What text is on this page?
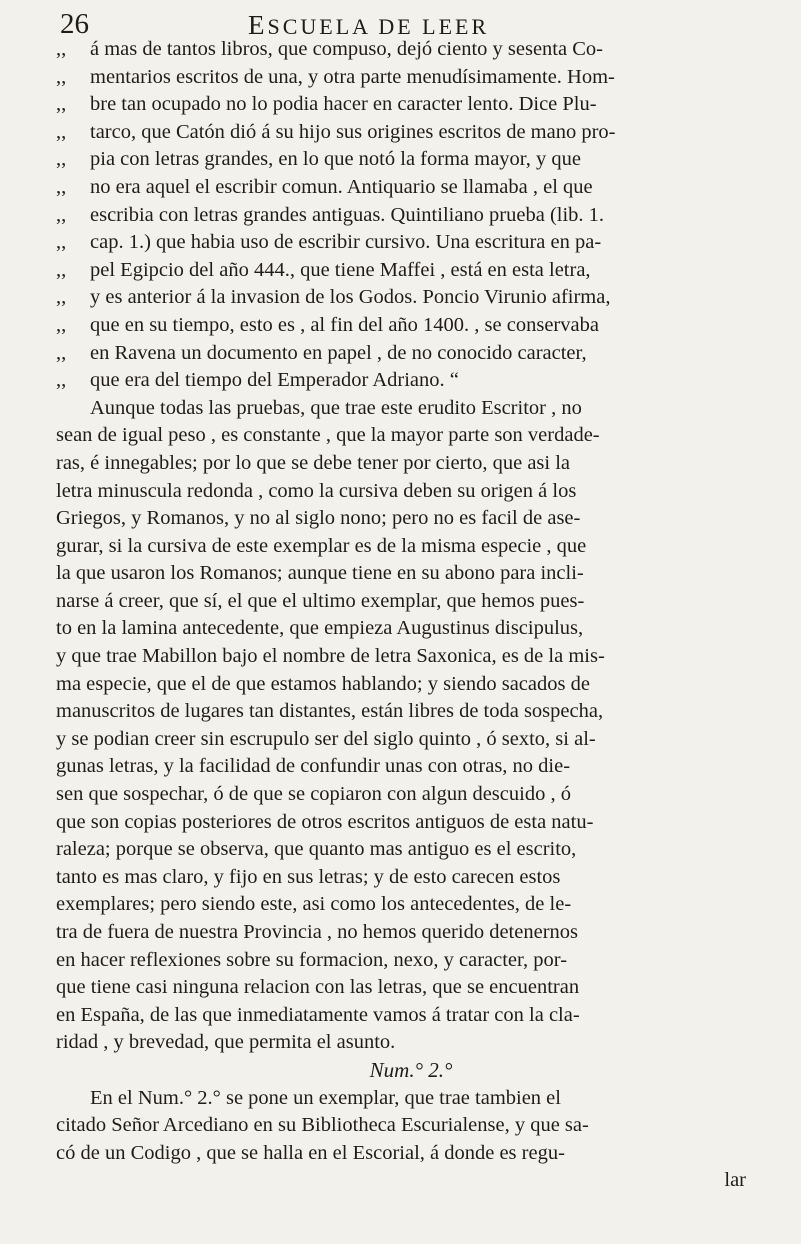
26	ESCUELA DE LEER
,, á mas de tantos libros, que compuso, dejó ciento y sesenta Co-
,, mentarios escritos de una, y otra parte menudísimamente. Hom-
,, bre tan ocupado no lo podia hacer en caracter lento. Dice Plu-
,, tarco, que Catón dió á su hijo sus origines escritos de mano pro-
,, pia con letras grandes, en lo que notó la forma mayor, y que
,, no era aquel el escribir comun. Antiquario se llamaba , el que
,, escribia con letras grandes antiguas. Quintiliano prueba (lib. 1.
,, cap. 1.) que habia uso de escribir cursivo. Una escritura en pa-
,, pel Egipcio del año 444., que tiene Maffei , está en esta letra,
,, y es anterior á la invasion de los Godos. Poncio Virunio afirma,
,, que en su tiempo, esto es , al fin del año 1400. , se conservaba
,, en Ravena un documento en papel , de no conocido caracter,
,, que era del tiempo del Emperador Adriano. “
Aunque todas las pruebas, que trae este erudito Escritor , no
sean de igual peso , es constante , que la mayor parte son verdade-
ras, é innegables; por lo que se debe tener por cierto, que asi la
letra minuscula redonda , como la cursiva deben su origen á los
Griegos, y Romanos, y no al siglo nono; pero no es facil de ase-
gurar, si la cursiva de este exemplar es de la misma especie , que
la que usaron los Romanos; aunque tiene en su abono para incli-
narse á creer, que sí, el que el ultimo exemplar, que hemos pues-
to en la lamina antecedente, que empieza Augustinus discipulus,
y que trae Mabillon bajo el nombre de letra Saxonica, es de la mis-
ma especie, que el de que estamos hablando; y siendo sacados de
manuscritos de lugares tan distantes, están libres de toda sospecha,
y se podian creer sin escrupulo ser del siglo quinto , ó sexto, si al-
gunas letras, y la facilidad de confundir unas con otras, no die-
sen que sospechar, ó de que se copiaron con algun descuido , ó
que son copias posteriores de otros escritos antiguos de esta natu-
raleza; porque se observa, que quanto mas antiguo es el escrito,
tanto es mas claro, y fijo en sus letras; y de esto carecen estos
exemplares; pero siendo este, asi como los antecedentes, de le-
tra de fuera de nuestra Provincia , no hemos querido detenernos
en hacer reflexiones sobre su formacion, nexo, y caracter, por-
que tiene casi ninguna relacion con las letras, que se encuentran
en España, de las que inmediatamente vamos á tratar con la cla-
ridad , y brevedad, que permita el asunto.
Num.° 2.°
En el Num.° 2.° se pone un exemplar, que trae tambien el
citado Señor Arcediano en su Bibliotheca Escurialense, y que sa-
có de un Codigo , que se halla en el Escorial, á donde es regu-
lar
